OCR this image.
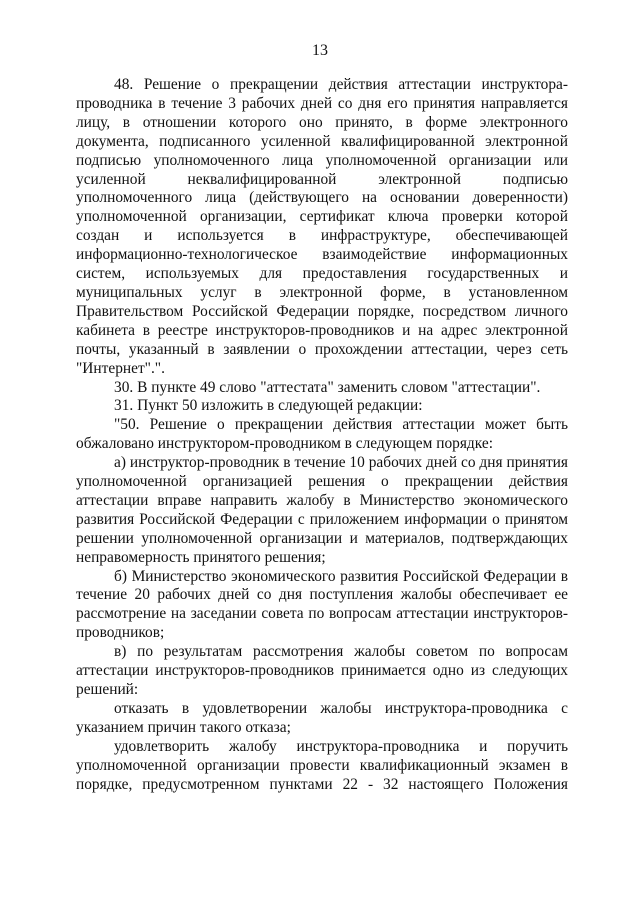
13

48. Решение о прекращении действия аттестации инструктора-проводника в течение 3 рабочих дней со дня его принятия направляется лицу, в отношении которого оно принято, в форме электронного документа, подписанного усиленной квалифицированной электронной подписью уполномоченного лица уполномоченной организации или усиленной неквалифицированной электронной подписью уполномоченного лица (действующего на основании доверенности) уполномоченной организации, сертификат ключа проверки которой создан и используется в инфраструктуре, обеспечивающей информационно-технологическое взаимодействие информационных систем, используемых для предоставления государственных и муниципальных услуг в электронной форме, в установленном Правительством Российской Федерации порядке, посредством личного кабинета в реестре инструкторов-проводников и на адрес электронной почты, указанный в заявлении о прохождении аттестации, через сеть "Интернет".".

30. В пункте 49 слово "аттестата" заменить словом "аттестации".

31. Пункт 50 изложить в следующей редакции:

"50. Решение о прекращении действия аттестации может быть обжаловано инструктором-проводником в следующем порядке:

а) инструктор-проводник в течение 10 рабочих дней со дня принятия уполномоченной организацией решения о прекращении действия аттестации вправе направить жалобу в Министерство экономического развития Российской Федерации с приложением информации о принятом решении уполномоченной организации и материалов, подтверждающих неправомерность принятого решения;

б) Министерство экономического развития Российской Федерации в течение 20 рабочих дней со дня поступления жалобы обеспечивает ее рассмотрение на заседании совета по вопросам аттестации инструкторов-проводников;

в) по результатам рассмотрения жалобы советом по вопросам аттестации инструкторов-проводников принимается одно из следующих решений:

отказать в удовлетворении жалобы инструктора-проводника с указанием причин такого отказа;

удовлетворить жалобу инструктора-проводника и поручить уполномоченной организации провести квалификационный экзамен в порядке, предусмотренном пунктами 22 - 32 настоящего Положения
